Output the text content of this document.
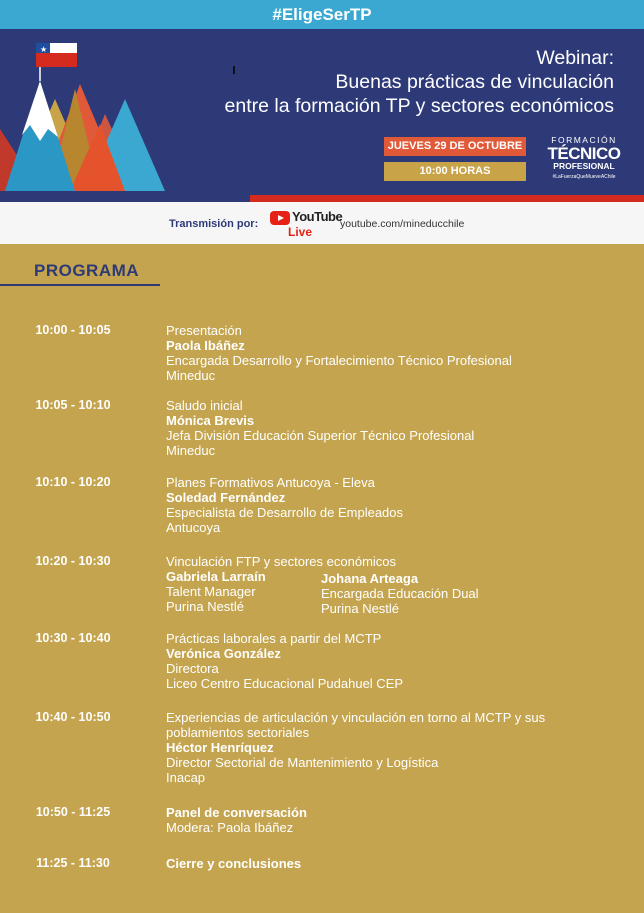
#EligeSerTP
★	Webinar:
Buenas prácticas de vinculación
entre la formación TP y sectores económicos
JUEVES 29 DE OCTUBRE
10:00 HORAS
FORMACIÓN
TÉCNICO
PROFESIONAL
#LaFuerzaQueMueveAChile
Transmisión por:	YouTube
Live
youtube.com/mineducchile
PROGRAMA
10:00 - 10:05	Presentación
Paola Ibáñez
Encargada Desarrollo y Fortalecimiento Técnico Profesional
Mineduc
10:05 - 10:10	Saludo inicial
Mónica Brevis
Jefa División Educación Superior Técnico Profesional
Mineduc
10:10 - 10:20	Planes Formativos Antucoya - Eleva
Soledad Fernández
Especialista de Desarrollo de Empleados
Antucoya
10:20 - 10:30	Vinculación FTP y sectores económicos
Gabriela Larraín
Talent Manager
Purina Nestlé
Johana Arteaga
Encargada Educación Dual
Purina Nestlé
10:30 - 10:40	Prácticas laborales a partir del MCTP
Verónica González
Directora
Liceo Centro Educacional Pudahuel CEP
10:40 - 10:50	Experiencias de articulación y vinculación en torno al MCTP y sus poblamientos sectoriales
Héctor Henríquez
Director Sectorial de Mantenimiento y Logística
Inacap
10:50 - 11:25	Panel de conversación
Modera: Paola Ibáñez
11:25 - 11:30	Cierre y conclusiones
